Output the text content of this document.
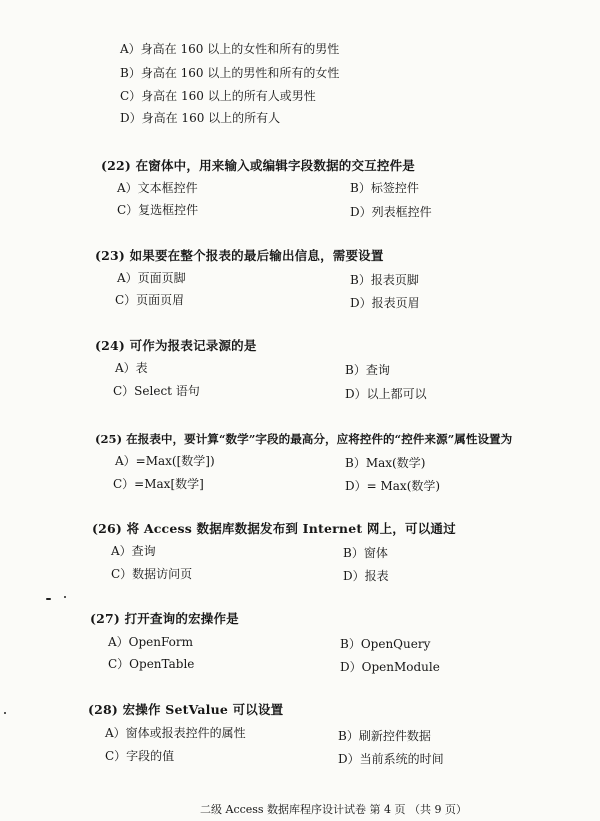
A）身高在 160 以上的女性和所有的男性
B）身高在 160 以上的男性和所有的女性
C）身高在 160 以上的所有人或男性
D）身高在 160 以上的所有人
(22) 在窗体中，用来输入或编辑字段数据的交互控件是
A）文本框控件	B）标签控件
C）复选框控件	D）列表框控件
(23) 如果要在整个报表的最后输出信息，需要设置
A）页面页脚	B）报表页脚
C）页面页眉	D）报表页眉
(24) 可作为报表记录源的是
A）表	B）查询
C）Select 语句	D）以上都可以
(25) 在报表中，要计算“数学”字段的最高分，应将控件的“控件来源”属性设置为
A）=Max([数学])	B）Max(数学)
C）=Max[数学]	D）= Max(数学)
(26) 将 Access 数据库数据发布到 Internet 网上，可以通过
A）查询	B）窗体
C）数据访问页	D）报表
(27) 打开查询的宏操作是
A）OpenForm	B）OpenQuery
C）OpenTable	D）OpenModule
(28) 宏操作 SetValue 可以设置
A）窗体或报表控件的属性	B）刷新控件数据
C）字段的值	D）当前系统的时间
二级 Access 数据库程序设计试卷 第 4 页 （共 9 页）
